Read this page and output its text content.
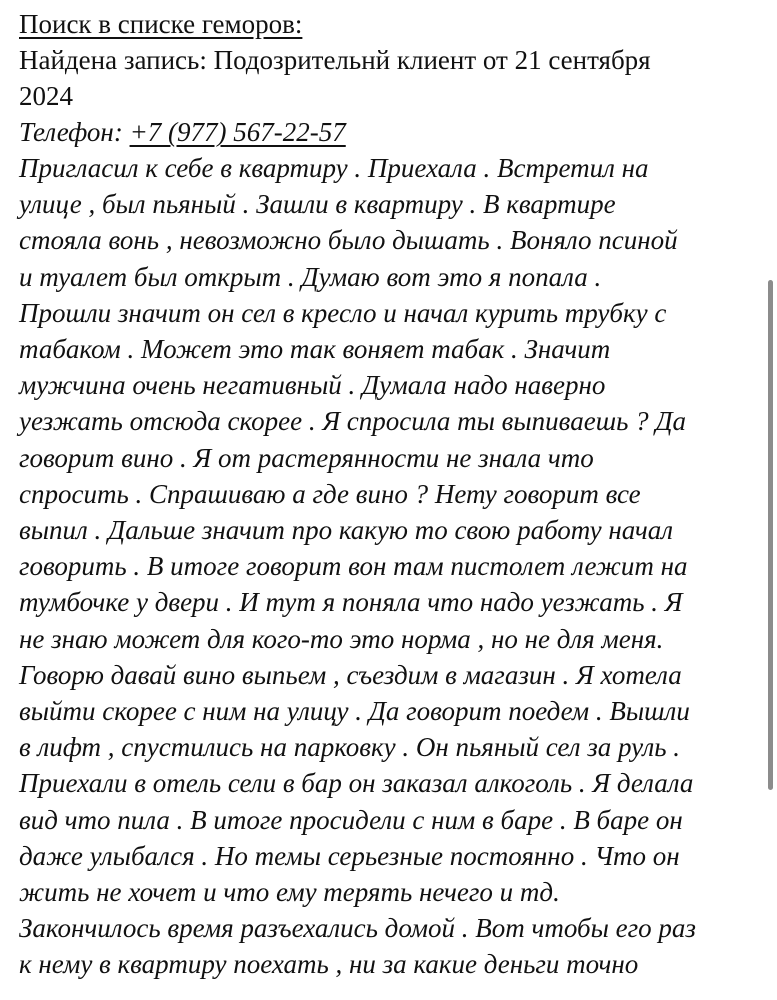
Поиск в списке геморов:
Найдена запись: Подозрительнй клиент от 21 сентября
2024
Телефон: +7 (977) 567-22-57
Пригласил к себе в квартиру . Приехала . Встретил на
улице , был пьяный . Зашли в квартиру . В квартире
стояла вонь , невозможно было дышать . Воняло псиной
и туалет был открыт . Думаю вот это я попала .
Прошли значит он сел в кресло и начал курить трубку с
табаком . Может это так воняет табак . Значит
мужчина очень негативный . Думала надо наверно
уезжать отсюда скорее . Я спросила ты выпиваешь ? Да
говорит вино . Я от растерянности не знала что
спросить . Спрашиваю а где вино ? Нету говорит все
выпил . Дальше значит про какую то свою работу начал
говорить . В итоге говорит вон там пистолет лежит на
тумбочке у двери . И тут я поняла что надо уезжать . Я
не знаю может для кого-то это норма , но не для меня.
Говорю давай вино выпьем , съездим в магазин . Я хотела
выйти скорее с ним на улицу . Да говорит поедем . Вышли
в лифт , спустились на парковку . Он пьяный сел за руль .
Приехали в отель сели в бар он заказал алкоголь . Я делала
вид что пила . В итоге просидели с ним в баре . В баре он
даже улыбался . Но темы серьезные постоянно . Что он
жить не хочет и что ему терять нечего и тд.
Закончилось время разъехались домой . Вот чтобы его раз
к нему в квартиру поехать , ни за какие деньги точно
